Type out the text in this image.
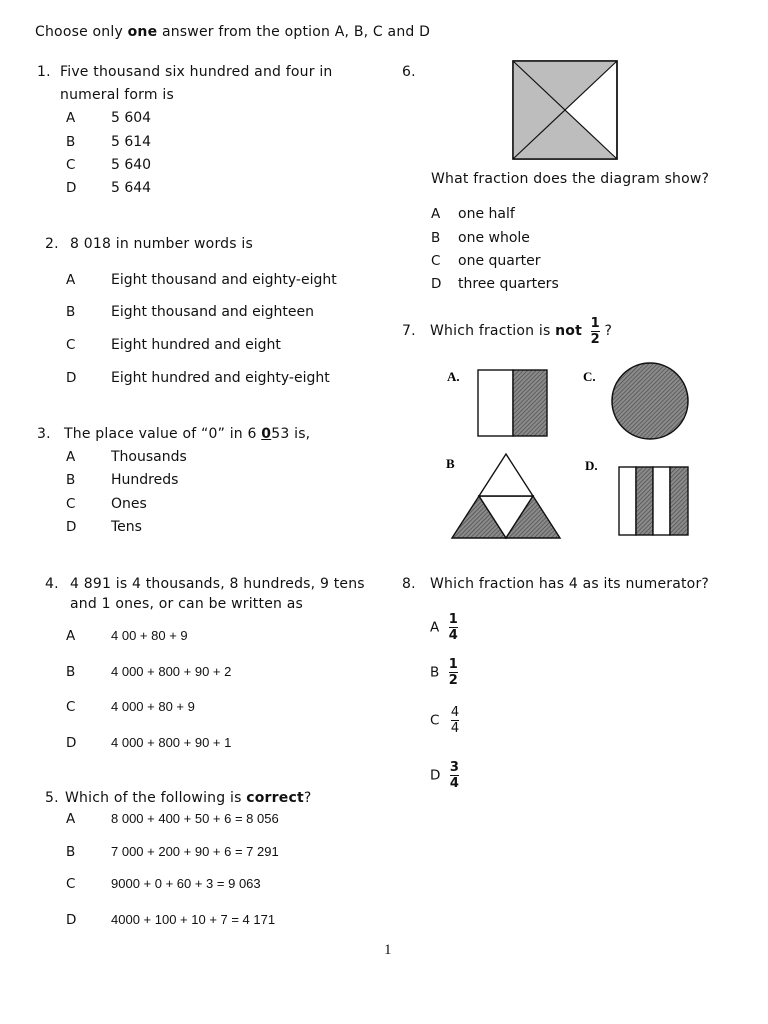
Choose only one answer from the option A, B, C and D
1. Five thousand six hundred and four in
numeral form is
A	5 604
B	5 614
C	5 640
D 5 644
2. 8 018 in number words is
A	Eight thousand and eighty-eight
B	Eight thousand and eighteen
C	Eight hundred and eight
D Eight hundred and eighty-eight
3. The place value of “0” in 6 053 is,
A	Thousands
B	Hundreds
C	Ones
D Tens
4. 4 891 is 4 thousands, 8 hundreds, 9 tens
and 1 ones, or can be written as
A	4 00 + 80 + 9
B	4 000 + 800 + 90 + 2
C	4 000 + 80 + 9
D	4 000 + 800 + 90 + 1
5. Which of the following is correct?
A	8 000 + 400 + 50 + 6 = 8 056
B	7 000 + 200 + 90 + 6 = 7 291
C	9000 + 0 + 60 + 3 = 9 063
D	4000 + 100 + 10 + 7 = 4 171
6.
What fraction does the diagram show?
A one half
B one whole
C one quarter
D three quarters
7. Which fraction is not $\frac{1}{2}$ ?
A.	C.
B	D.
8. Which fraction has 4 as its numerator?
A $\frac{1}{4}$
B $\frac{1}{2}$
C $\frac{4}{4}$
D $\frac{3}{4}$
1
